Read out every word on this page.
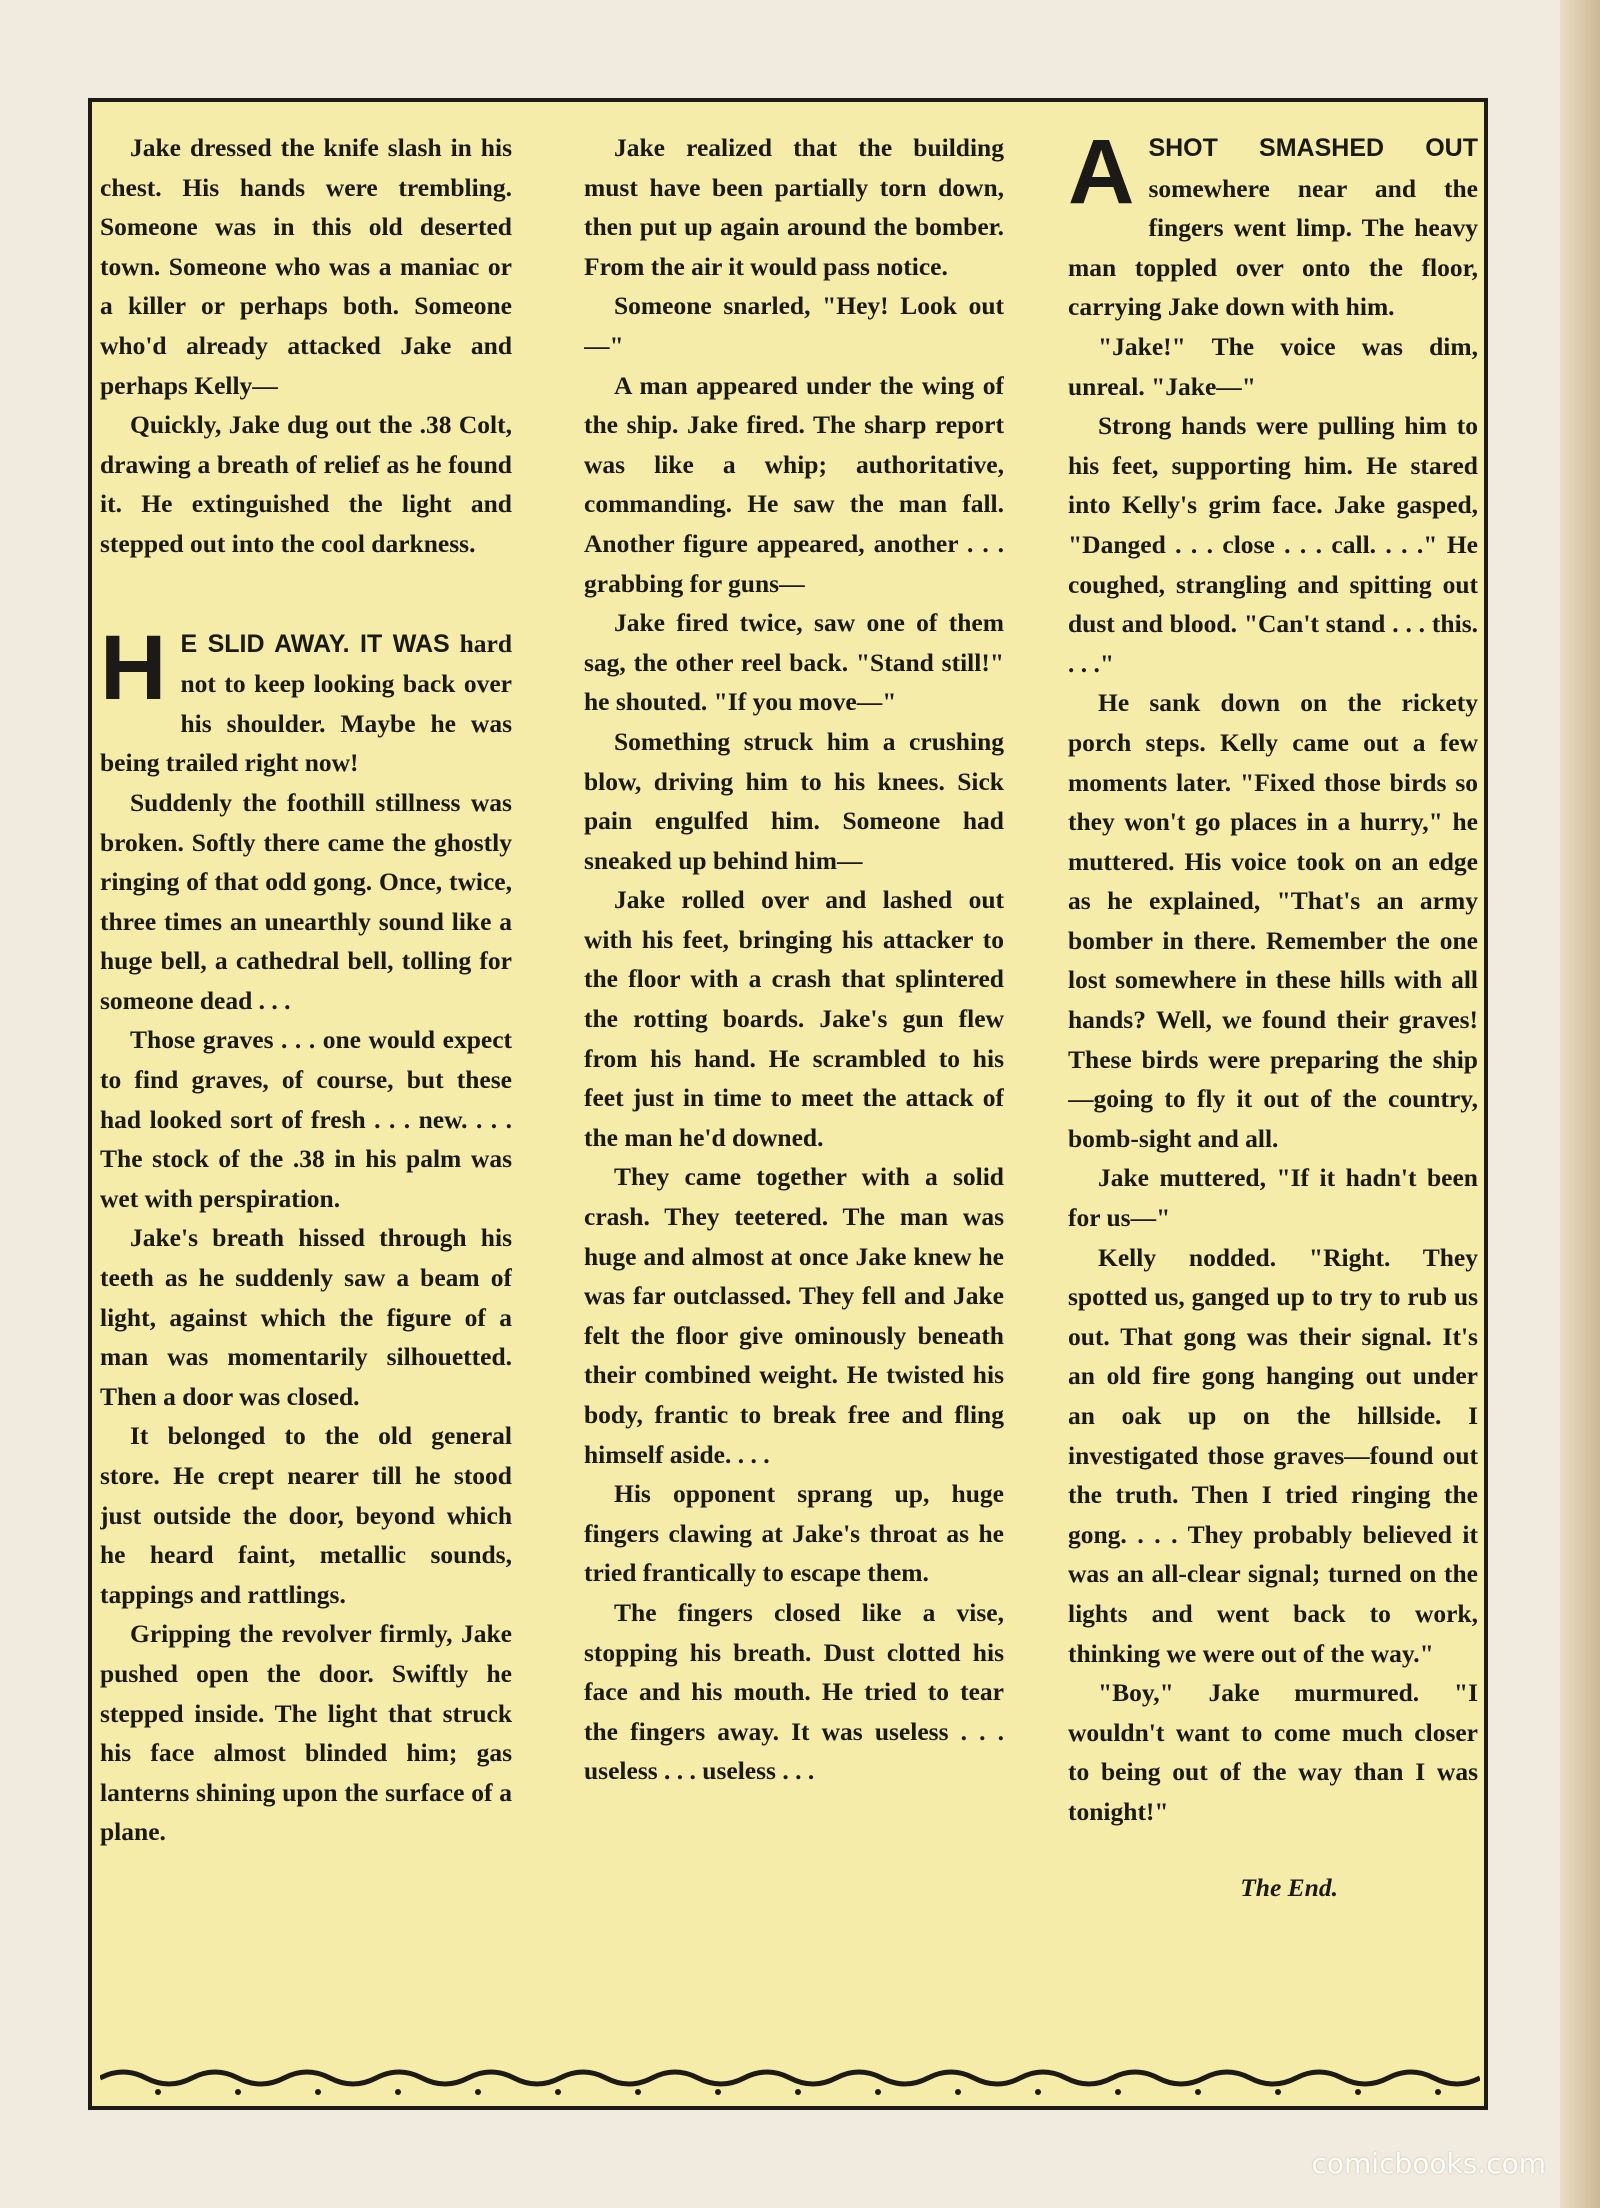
Jake dressed the knife slash in his chest. His hands were trembling. Someone was in this old deserted town. Someone who was a maniac or a killer or perhaps both. Someone who'd already attacked Jake and perhaps Kelly—

Quickly, Jake dug out the .38 Colt, drawing a breath of relief as he found it. He extinguished the light and stepped out into the cool darkness.

H E SLID AWAY. IT WAS hard not to keep looking back over his shoulder. Maybe he was being trailed right now!

Suddenly the foothill stillness was broken. Softly there came the ghostly ringing of that odd gong. Once, twice, three times an unearthly sound like a huge bell, a cathedral bell, tolling for someone dead . . .

Those graves . . . one would expect to find graves, of course, but these had looked sort of fresh . . . new. . . . The stock of the .38 in his palm was wet with perspiration.

Jake's breath hissed through his teeth as he suddenly saw a beam of light, against which the figure of a man was momentarily silhouetted. Then a door was closed.

It belonged to the old general store. He crept nearer till he stood just outside the door, beyond which he heard faint, metallic sounds, tappings and rattlings.

Gripping the revolver firmly, Jake pushed open the door. Swiftly he stepped inside. The light that struck his face almost blinded him; gas lanterns shining upon the surface of a plane.

Jake realized that the building must have been partially torn down, then put up again around the bomber. From the air it would pass notice.

Someone snarled, "Hey! Look out—"

A man appeared under the wing of the ship. Jake fired. The sharp report was like a whip; authoritative, commanding. He saw the man fall. Another figure appeared, another . . . grabbing for guns—

Jake fired twice, saw one of them sag, the other reel back. "Stand still!" he shouted. "If you move—"

Something struck him a crushing blow, driving him to his knees. Sick pain engulfed him. Someone had sneaked up behind him—

Jake rolled over and lashed out with his feet, bringing his attacker to the floor with a crash that splintered the rotting boards. Jake's gun flew from his hand. He scrambled to his feet just in time to meet the attack of the man he'd downed.

They came together with a solid crash. They teetered. The man was huge and almost at once Jake knew he was far outclassed. They fell and Jake felt the floor give ominously beneath their combined weight. He twisted his body, frantic to break free and fling himself aside. . . .

His opponent sprang up, huge fingers clawing at Jake's throat as he tried frantically to escape them.

The fingers closed like a vise, stopping his breath. Dust clotted his face and his mouth. He tried to tear the fingers away. It was useless . . . useless . . . useless . . .

ASHOT SMASHED OUT somewhere near and the fingers went limp. The heavy man toppled over onto the floor, carrying Jake down with him.

"Jake!" The voice was dim, unreal. "Jake—"

Strong hands were pulling him to his feet, supporting him. He stared into Kelly's grim face. Jake gasped, "Danged . . . close . . . call. . . ." He coughed, strangling and spitting out dust and blood. "Can't stand . . . this. . . ."

He sank down on the rickety porch steps. Kelly came out a few moments later. "Fixed those birds so they won't go places in a hurry," he muttered. His voice took on an edge as he explained, "That's an army bomber in there. Remember the one lost somewhere in these hills with all hands? Well, we found their graves! These birds were preparing the ship—going to fly it out of the country, bomb-sight and all.

Jake muttered, "If it hadn't been for us—"

Kelly nodded. "Right. They spotted us, ganged up to try to rub us out. That gong was their signal. It's an old fire gong hanging out under an oak up on the hillside. I investigated those graves—found out the truth. Then I tried ringing the gong. . . . They probably believed it was an all-clear signal; turned on the lights and went back to work, thinking we were out of the way."

"Boy," Jake murmured. "I wouldn't want to come much closer to being out of the way than I was tonight!"

The End.

comicbooks.com
